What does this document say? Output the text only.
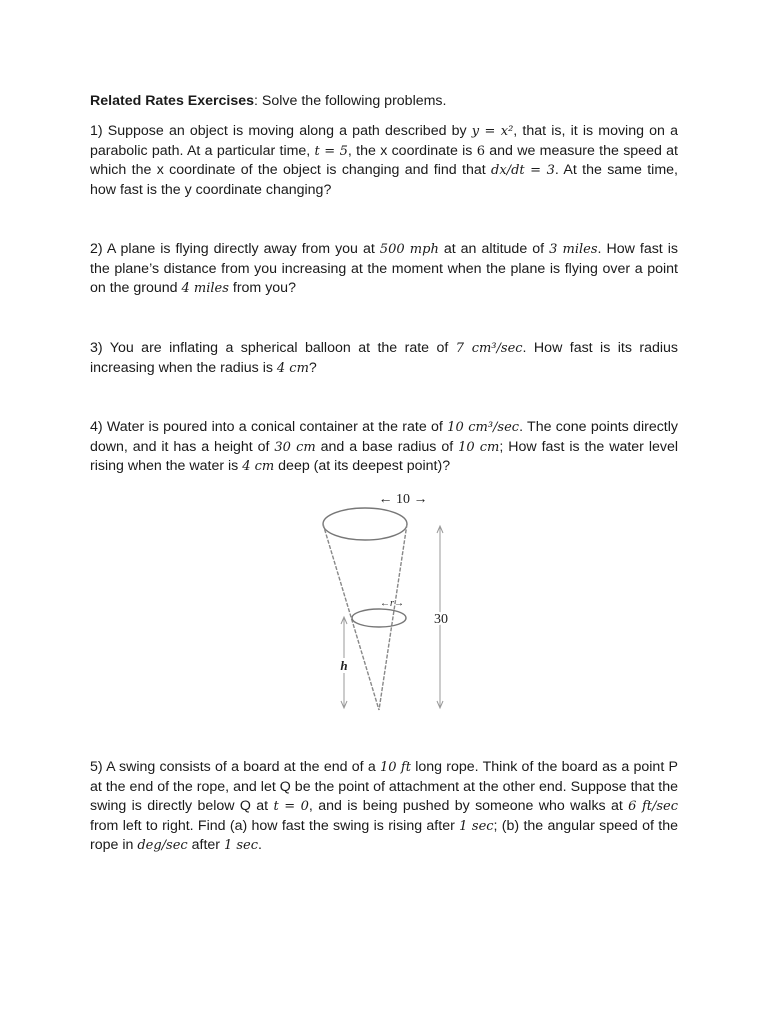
Related Rates Exercises: Solve the following problems.

1) Suppose an object is moving along a path described by y = x², that is, it is moving on a parabolic path. At a particular time, t = 5, the x coordinate is 6 and we measure the speed at which the x coordinate of the object is changing and find that dx/dt = 3. At the same time, how fast is the y coordinate changing?

2) A plane is flying directly away from you at 500 mph at an altitude of 3 miles. How fast is the plane’s distance from you increasing at the moment when the plane is flying over a point on the ground 4 miles from you?

3) You are inflating a spherical balloon at the rate of 7 cm³/sec. How fast is its radius increasing when the radius is 4 cm?

4) Water is poured into a conical container at the rate of 10 cm³/sec. The cone points directly down, and it has a height of 30 cm and a base radius of 10 cm; How fast is the water level rising when the water is 4 cm deep (at its deepest point)?

← 10 →
←r→
30
h

5) A swing consists of a board at the end of a 10 ft long rope. Think of the board as a point P at the end of the rope, and let Q be the point of attachment at the other end. Suppose that the swing is directly below Q at t = 0, and is being pushed by someone who walks at 6 ft/sec from left to right. Find (a) how fast the swing is rising after 1 sec; (b) the angular speed of the rope in deg/sec after 1 sec.
